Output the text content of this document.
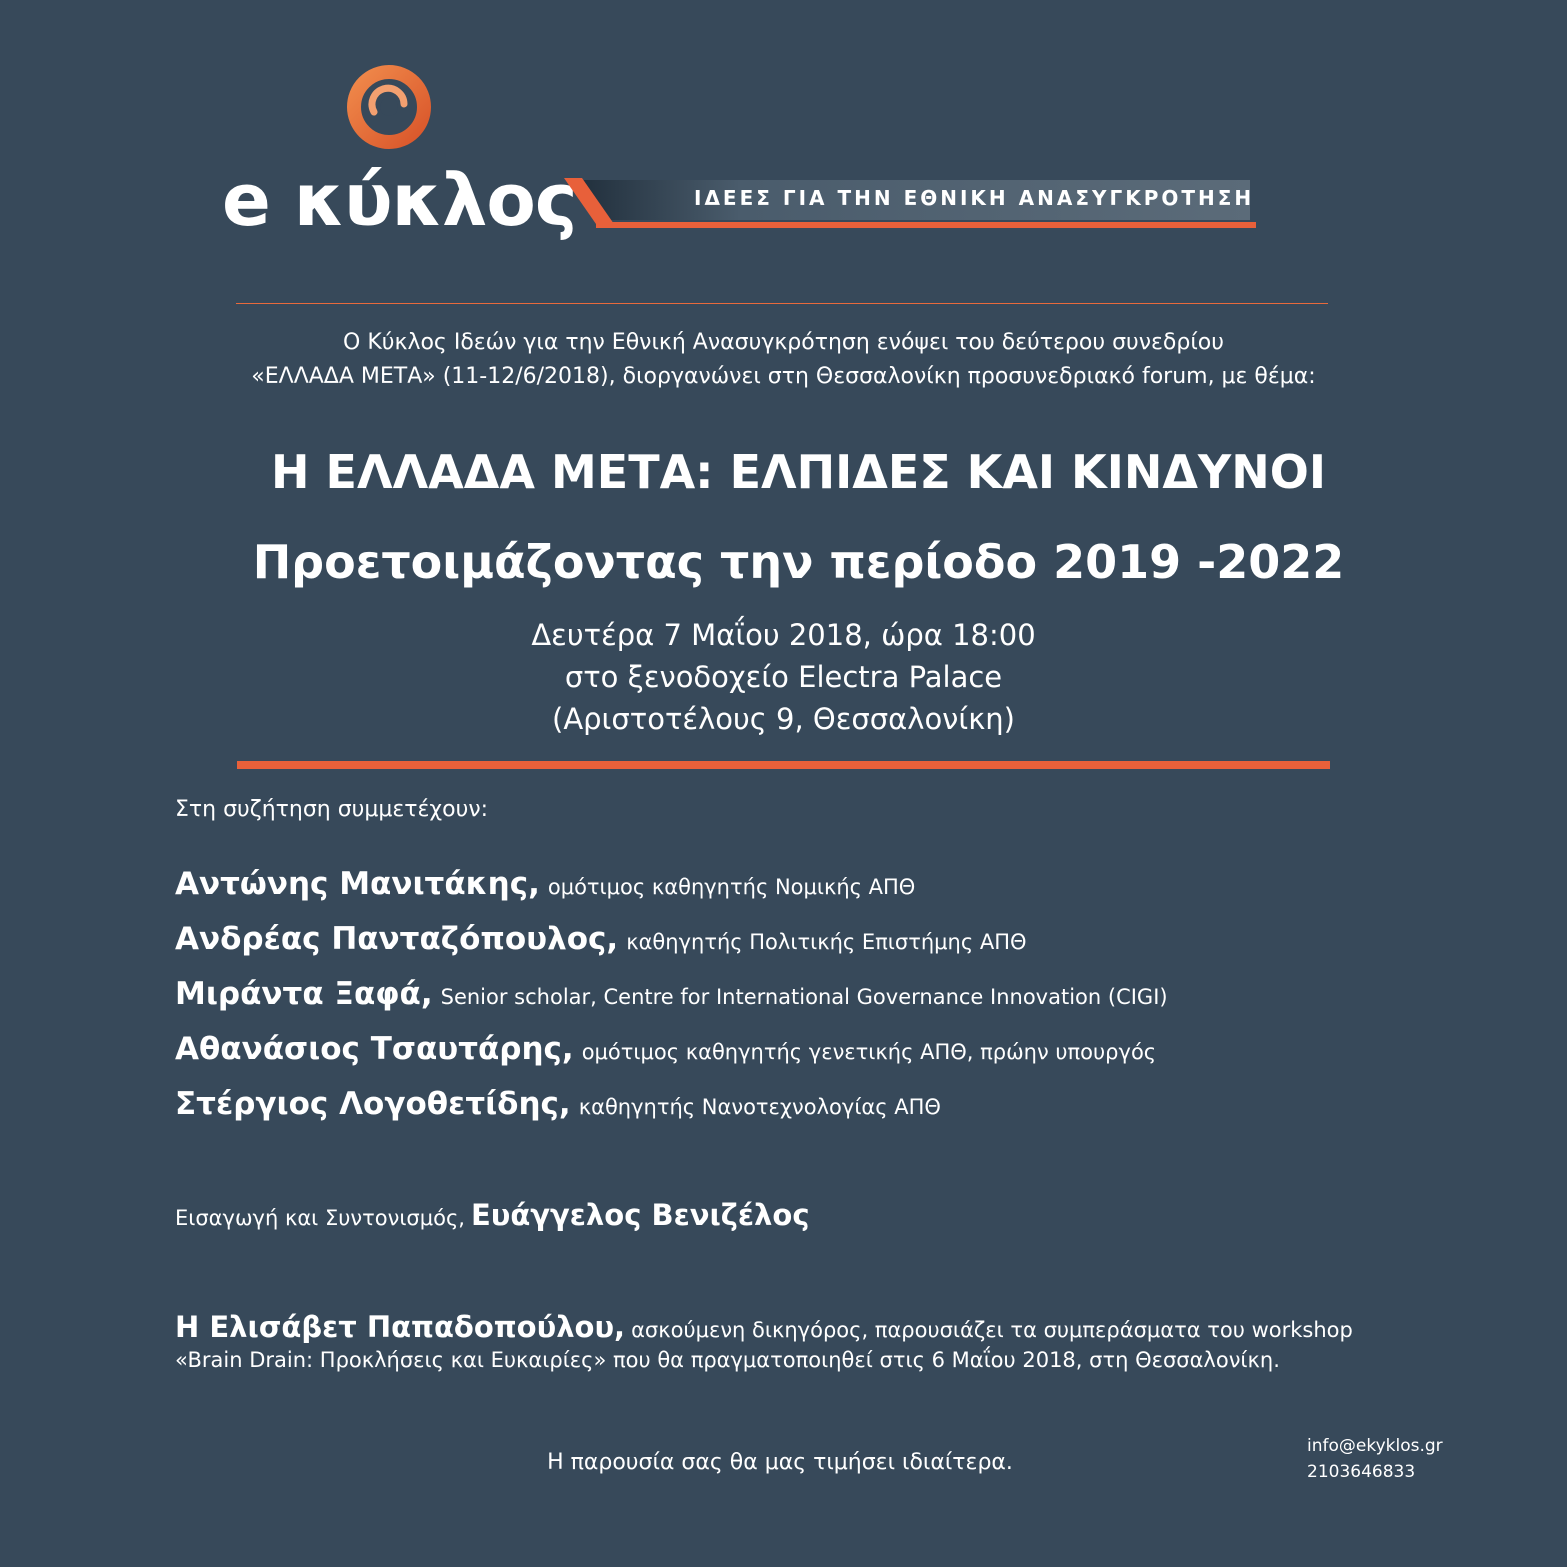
e κύκλος	ΙΔΕΕΣ ΓΙΑ ΤΗΝ ΕΘΝΙΚΗ ΑΝΑΣΥΓΚΡΟΤΗΣΗ
Ο Κύκλος Ιδεών για την Εθνική Ανασυγκρότηση ενόψει του δεύτερου συνεδρίου
«ΕΛΛΑΔΑ ΜΕΤΑ» (11-12/6/2018), διοργανώνει στη Θεσσαλονίκη προσυνεδριακό forum, με θέμα:
Η ΕΛΛΑΔΑ ΜΕΤΑ: ΕΛΠΙΔΕΣ ΚΑΙ ΚΙΝΔΥΝΟΙ
Προετοιμάζοντας την περίοδο 2019 -2022
Δευτέρα 7 Μαΐου 2018, ώρα 18:00
στο ξενοδοχείο Electra Palace
(Αριστοτέλους 9, Θεσσαλονίκη)
Στη συζήτηση συμμετέχουν:
Αντώνης Μανιτάκης, ομότιμος καθηγητής Νομικής ΑΠΘ
Ανδρέας Πανταζόπουλος, καθηγητής Πολιτικής Επιστήμης ΑΠΘ
Μιράντα Ξαφά, Senior scholar, Centre for International Governance Innovation (CIGI)
Αθανάσιος Τσαυτάρης, ομότιμος καθηγητής γενετικής ΑΠΘ, πρώην υπουργός
Στέργιος Λογοθετίδης, καθηγητής Νανοτεχνολογίας ΑΠΘ
Εισαγωγή και Συντονισμός, Ευάγγελος Βενιζέλος
Η Ελισάβετ Παπαδοπούλου, ασκούμενη δικηγόρος, παρουσιάζει τα συμπεράσματα του workshop
«Brain Drain: Προκλήσεις και Ευκαιρίες» που θα πραγματοποιηθεί στις 6 Μαΐου 2018, στη Θεσσαλονίκη.
Η παρουσία σας θα μας τιμήσει ιδιαίτερα.
info@ekyklos.gr
2103646833
